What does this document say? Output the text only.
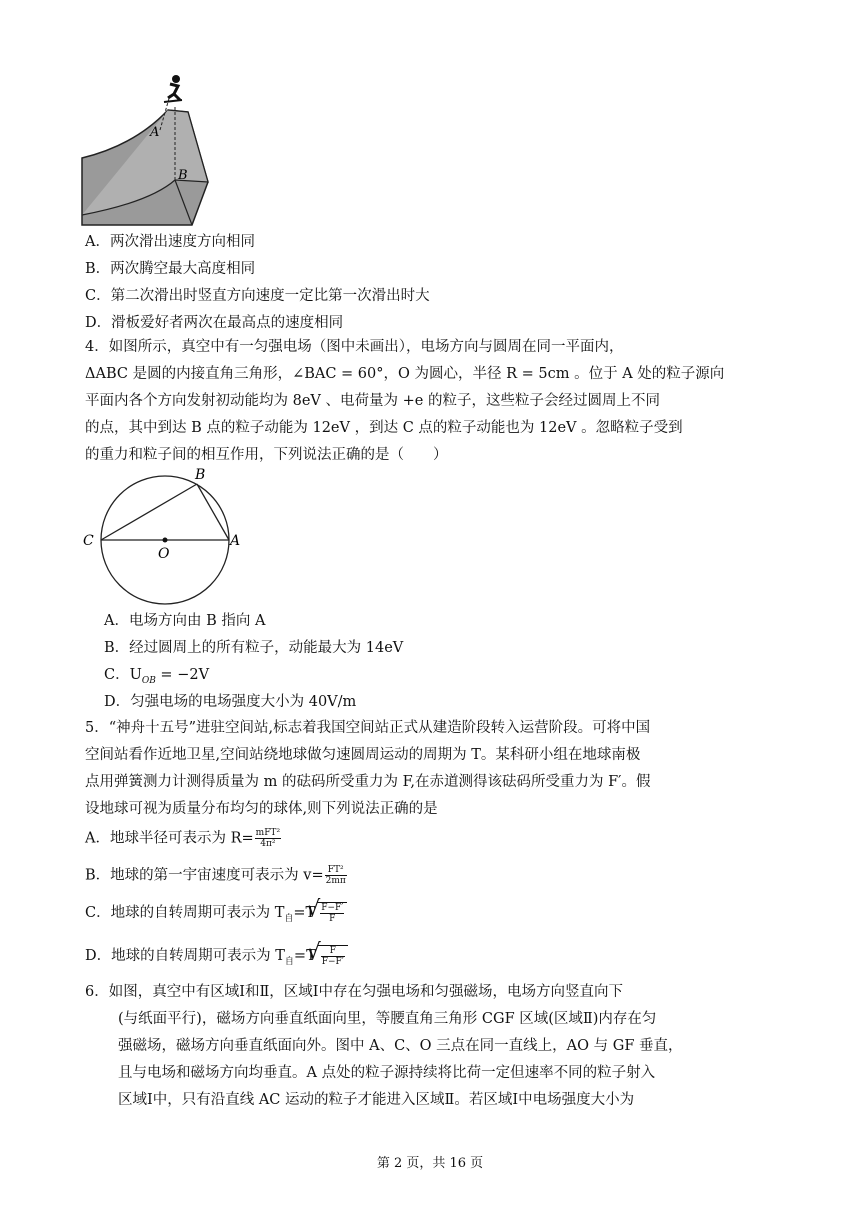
A
B
A．两次滑出速度方向相同
B．两次腾空最大高度相同
C．第二次滑出时竖直方向速度一定比第一次滑出时大
D．滑板爱好者两次在最高点的速度相同
4．如图所示，真空中有一匀强电场（图中未画出），电场方向与圆周在同一平面内，
ΔABC 是圆的内接直角三角形，∠BAC = 60°，O 为圆心，半径 R = 5cm 。位于 A 处的粒子源向
平面内各个方向发射初动能均为 8eV 、电荷量为 +e 的粒子，这些粒子会经过圆周上不同
的点，其中到达 B 点的粒子动能为 12eV ，到达 C 点的粒子动能也为 12eV 。忽略粒子受到
的重力和粒子间的相互作用，下列说法正确的是（　　）
B
C
O
A
A．电场方向由 B 指向 A
B．经过圆周上的所有粒子，动能最大为 14eV
C．$U_{OB} = -2V$
D．匀强电场的电场强度大小为 40V/m
5．“神舟十五号”进驻空间站,标志着我国空间站正式从建造阶段转入运营阶段。可将中国
空间站看作近地卫星,空间站绕地球做匀速圆周运动的周期为 T。某科研小组在地球南极
点用弹簧测力计测得质量为 m 的砝码所受重力为 F,在赤道测得该砝码所受重力为 F′。假
设地球可视为质量分布均匀的球体,则下列说法正确的是
A．地球半径可表示为 $R= \frac{\text{mFT²}}{\text{4π²}}$
B．地球的第一宇宙速度可表示为 $v= \frac{\text{FT²}}{2m\pi}$
C．地球的自转周期可表示为 $T_自=T$ √ $\frac{F-F'}{F}$
D．地球的自转周期可表示为 $T_自=T$ √ $\frac{F}{F-F'}$
6．如图，真空中有区域Ⅰ和Ⅱ，区域Ⅰ中存在匀强电场和匀强磁场，电场方向竖直向下
(与纸面平行)，磁场方向垂直纸面向里，等腰直角三角形 CGF 区域(区域Ⅱ)内存在匀
强磁场，磁场方向垂直纸面向外。图中 A、C、O 三点在同一直线上，AO 与 GF 垂直，
且与电场和磁场方向均垂直。A 点处的粒子源持续将比荷一定但速率不同的粒子射入
区域Ⅰ中，只有沿直线 AC 运动的粒子才能进入区域Ⅱ。若区域Ⅰ中电场强度大小为
第 2 页，共 16 页
